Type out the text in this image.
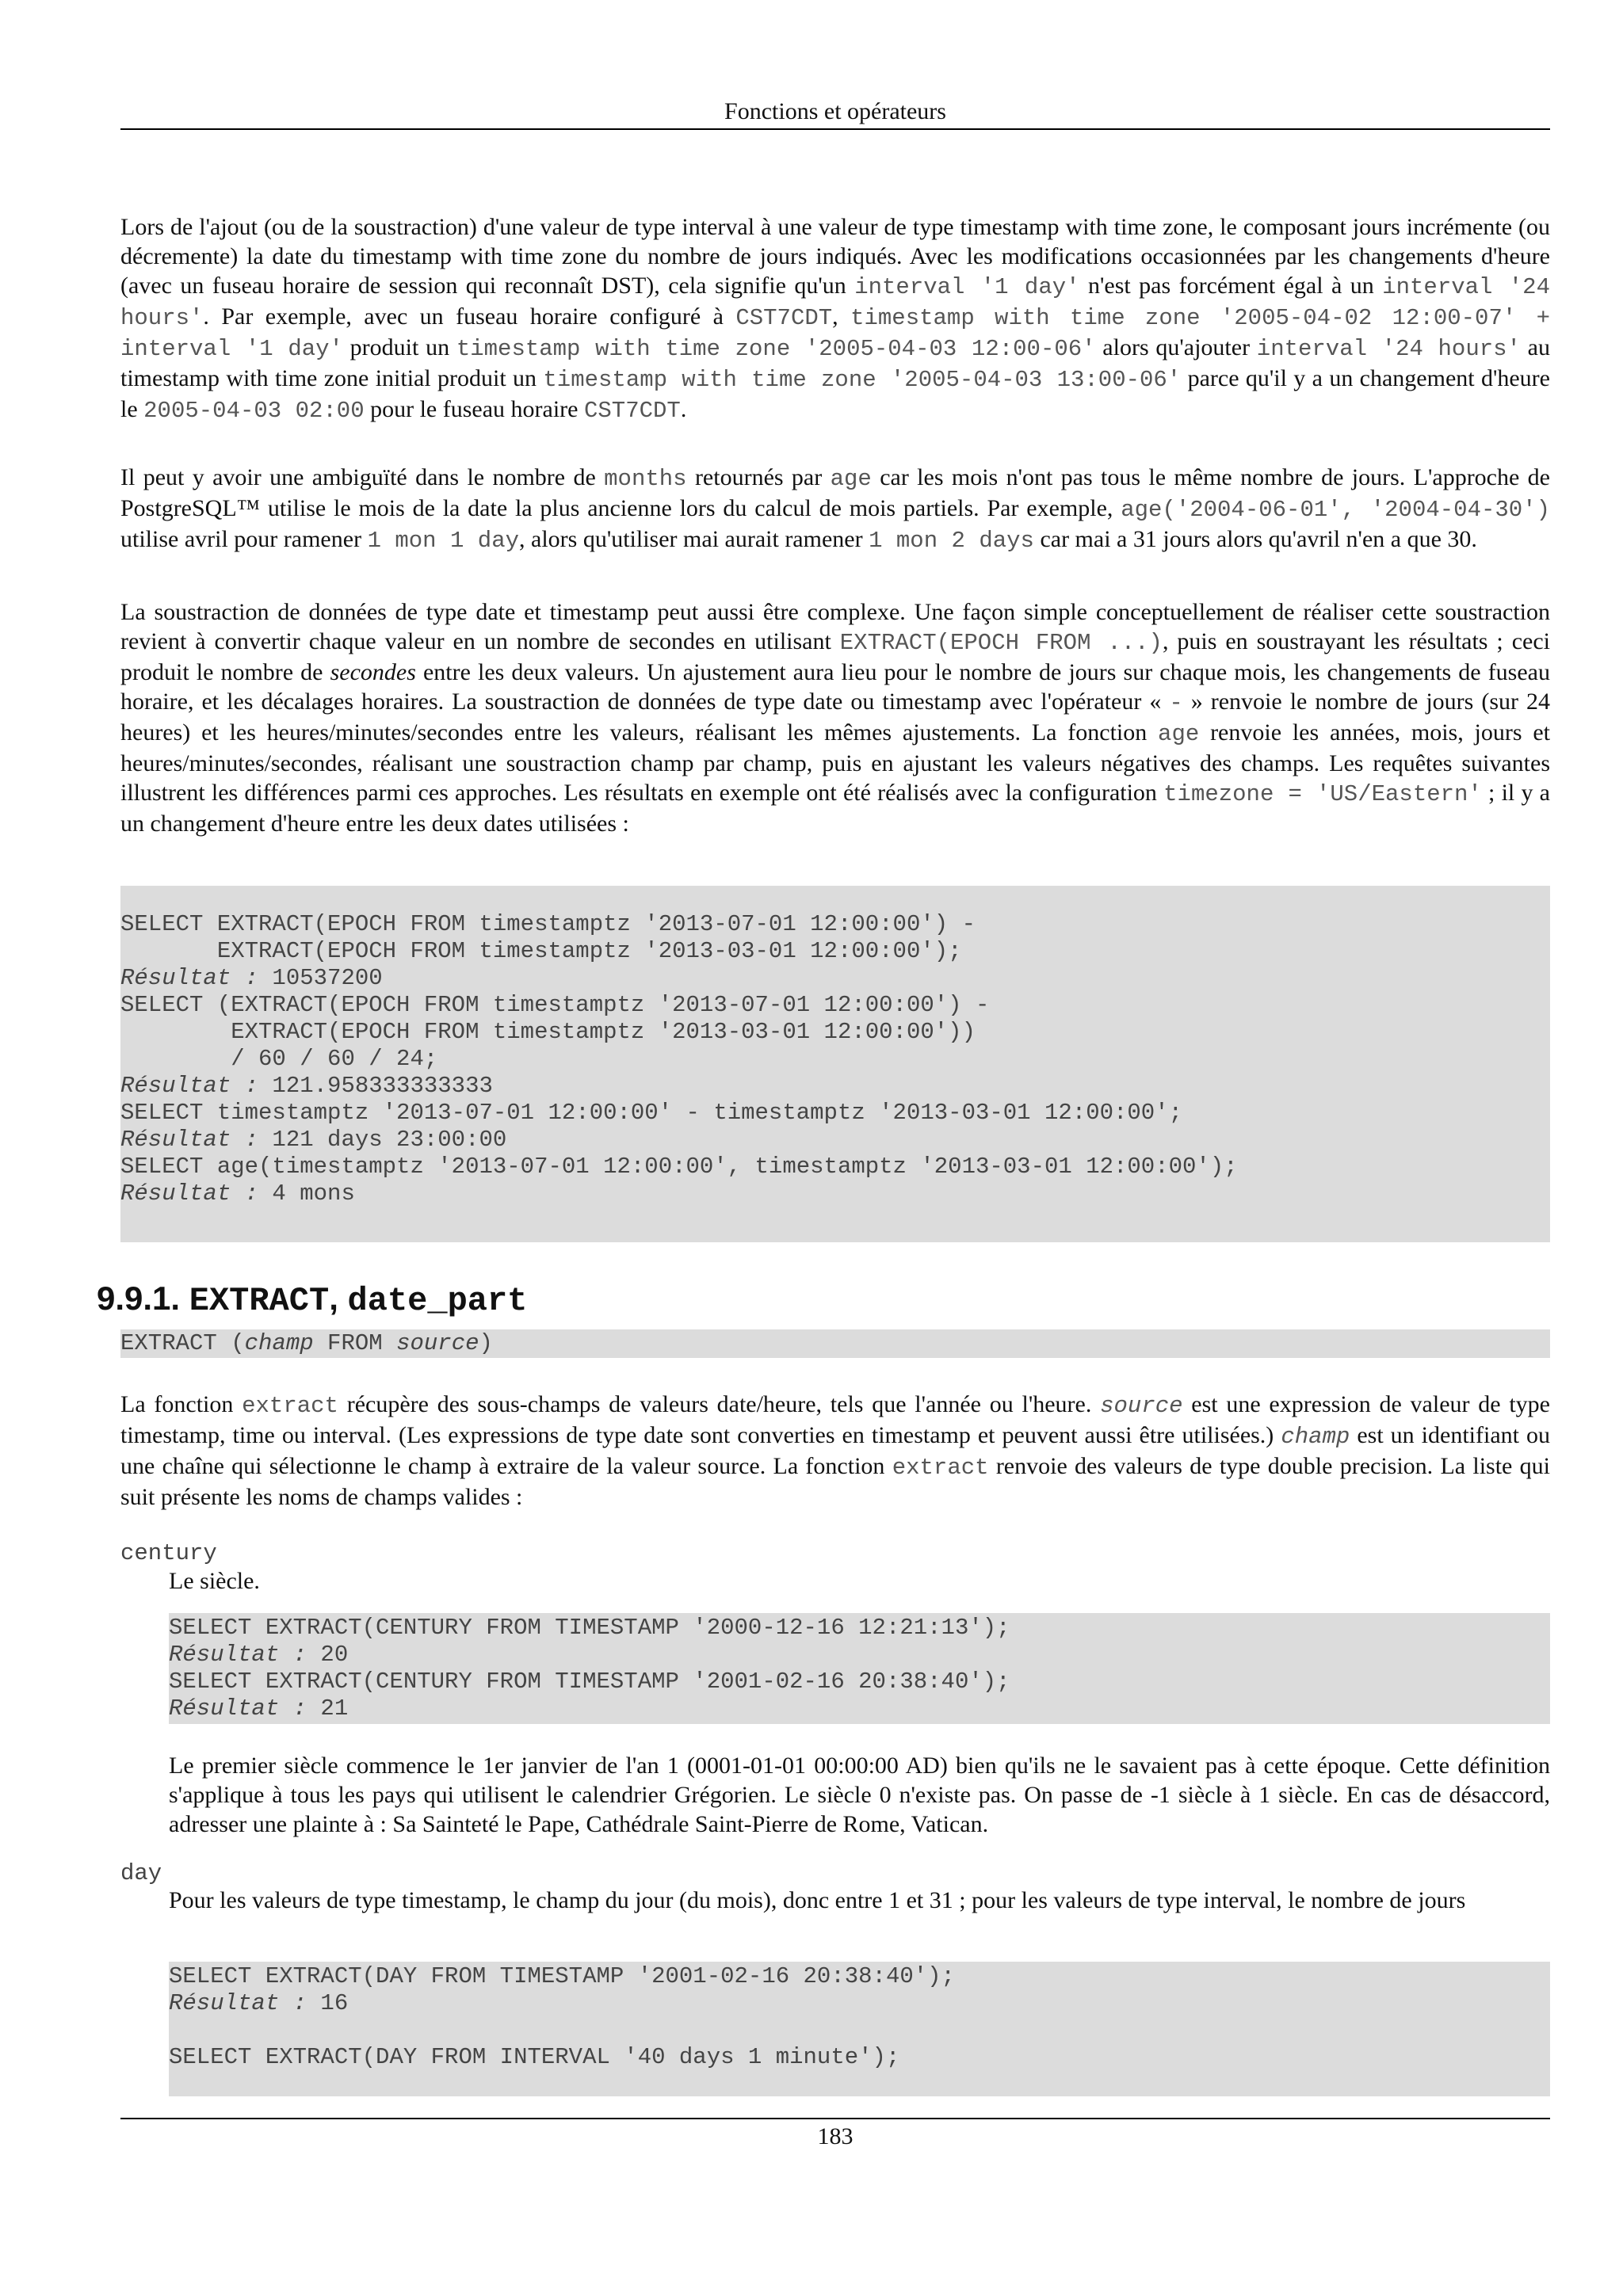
Fonctions et opérateurs

Lors de l'ajout (ou de la soustraction) d'une valeur de type interval à une valeur de type timestamp with time zone, le composant jours incrémente (ou décremente) la date du timestamp with time zone du nombre de jours indiqués. Avec les modifications occasionnées par les changements d'heure (avec un fuseau horaire de session qui reconnaît DST), cela signifie qu'un interval '1 day' n'est pas forcément égal à un interval '24 hours'. Par exemple, avec un fuseau horaire configuré à CST7CDT, timestamp with time zone '2005-04-02 12:00-07' + interval '1 day' produit un timestamp with time zone '2005-04-03 12:00-06' alors qu'ajouter interval '24 hours' au timestamp with time zone initial produit un timestamp with time zone '2005-04-03 13:00-06' parce qu'il y a un changement d'heure le 2005-04-03 02:00 pour le fuseau horaire CST7CDT.

Il peut y avoir une ambiguïté dans le nombre de months retournés par age car les mois n'ont pas tous le même nombre de jours. L'approche de PostgreSQL™ utilise le mois de la date la plus ancienne lors du calcul de mois partiels. Par exemple, age('2004-06-01', '2004-04-30') utilise avril pour ramener 1 mon 1 day, alors qu'utiliser mai aurait ramener 1 mon 2 days car mai a 31 jours alors qu'avril n'en a que 30.

La soustraction de données de type date et timestamp peut aussi être complexe. Une façon simple conceptuellement de réaliser cette soustraction revient à convertir chaque valeur en un nombre de secondes en utilisant EXTRACT(EPOCH FROM ...), puis en soustrayant les résultats ; ceci produit le nombre de secondes entre les deux valeurs. Un ajustement aura lieu pour le nombre de jours sur chaque mois, les changements de fuseau horaire, et les décalages horaires. La soustraction de données de type date ou timestamp avec l'opérateur « - » renvoie le nombre de jours (sur 24 heures) et les heures/minutes/secondes entre les valeurs, réalisant les mêmes ajustements. La fonction age renvoie les années, mois, jours et heures/minutes/secondes, réalisant une soustraction champ par champ, puis en ajustant les valeurs négatives des champs. Les requêtes suivantes illustrent les différences parmi ces approches. Les résultats en exemple ont été réalisés avec la configuration timezone = 'US/Eastern' ; il y a un changement d'heure entre les deux dates utilisées :

SELECT EXTRACT(EPOCH FROM timestamptz '2013-07-01 12:00:00') -
EXTRACT(EPOCH FROM timestamptz '2013-03-01 12:00:00');
Résultat : 10537200
SELECT (EXTRACT(EPOCH FROM timestamptz '2013-07-01 12:00:00') -
EXTRACT(EPOCH FROM timestamptz '2013-03-01 12:00:00'))
/ 60 / 60 / 24;
Résultat : 121.958333333333
SELECT timestamptz '2013-07-01 12:00:00' - timestamptz '2013-03-01 12:00:00';
Résultat : 121 days 23:00:00
SELECT age(timestamptz '2013-07-01 12:00:00', timestamptz '2013-03-01 12:00:00');
Résultat : 4 mons
9.9.1. EXTRACT, date_part
EXTRACT (champ FROM source)

La fonction extract récupère des sous-champs de valeurs date/heure, tels que l'année ou l'heure. source est une expression de valeur de type timestamp, time ou interval. (Les expressions de type date sont converties en timestamp et peuvent aussi être utilisées.) champ est un identifiant ou une chaîne qui sélectionne le champ à extraire de la valeur source. La fonction extract renvoie des valeurs de type double precision. La liste qui suit présente les noms de champs valides :

century

Le siècle.

SELECT EXTRACT(CENTURY FROM TIMESTAMP '2000-12-16 12:21:13');
Résultat : 20
SELECT EXTRACT(CENTURY FROM TIMESTAMP '2001-02-16 20:38:40');
Résultat : 21

Le premier siècle commence le 1er janvier de l'an 1 (0001-01-01 00:00:00 AD) bien qu'ils ne le savaient pas à cette époque. Cette définition s'applique à tous les pays qui utilisent le calendrier Grégorien. Le siècle 0 n'existe pas. On passe de -1 siècle à 1 siècle. En cas de désaccord, adresser une plainte à : Sa Sainteté le Pape, Cathédrale Saint-Pierre de Rome, Vatican.

day

Pour les valeurs de type timestamp, le champ du jour (du mois), donc entre 1 et 31 ; pour les valeurs de type interval, le nombre de jours

SELECT EXTRACT(DAY FROM TIMESTAMP '2001-02-16 20:38:40');
Résultat : 16

SELECT EXTRACT(DAY FROM INTERVAL '40 days 1 minute');
183
